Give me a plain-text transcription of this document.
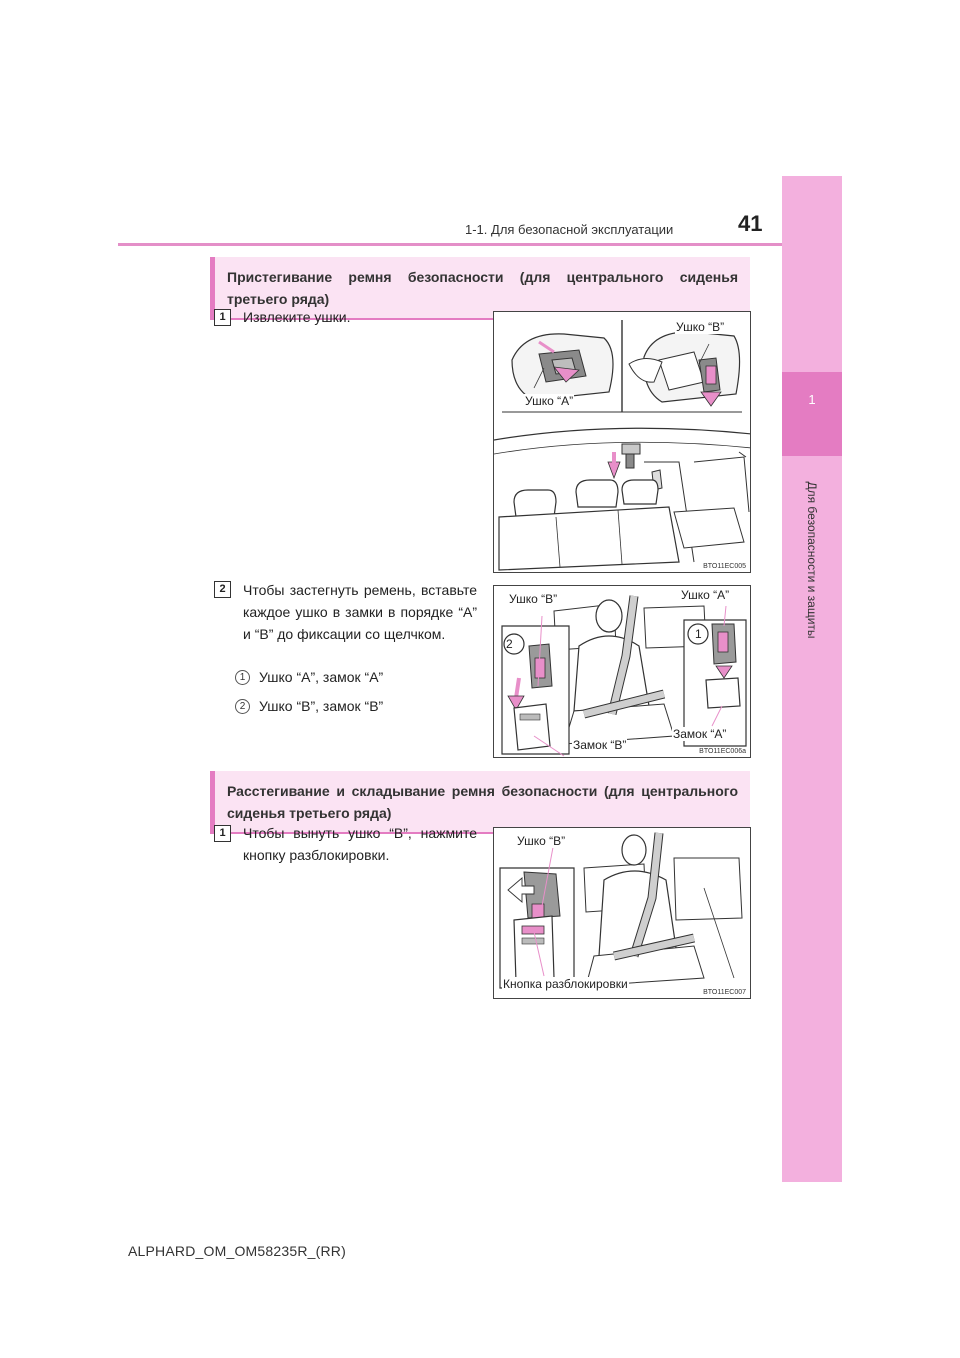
1-1. Для безопасной эксплуатации	41
1
Для безопасности и защиты
Пристегивание ремня безопасности (для центрального сиденья третьего ряда)
1	Извлеките ушки.
Ушко “B”
Ушко “A”
BTO11EC005
2	Чтобы застегнуть ремень, вставьте каждое ушко в замки в порядке “A” и “B” до фиксации со щелчком.
1 Ушко “A”, замок “A”
2 Ушко “B”, замок “B”
Ушко “B”	Ушко “A”
2
1
Замок “A”
Замок “B”	BTO11EC006a
Расстегивание и складывание ремня безопасности (для центрального сиденья третьего ряда)
1	Чтобы вынуть ушко “B”, нажмите кнопку разблокировки.
Ушко “B”
Кнопка разблокировки
BTO11EC007
ALPHARD_OM_OM58235R_(RR)
